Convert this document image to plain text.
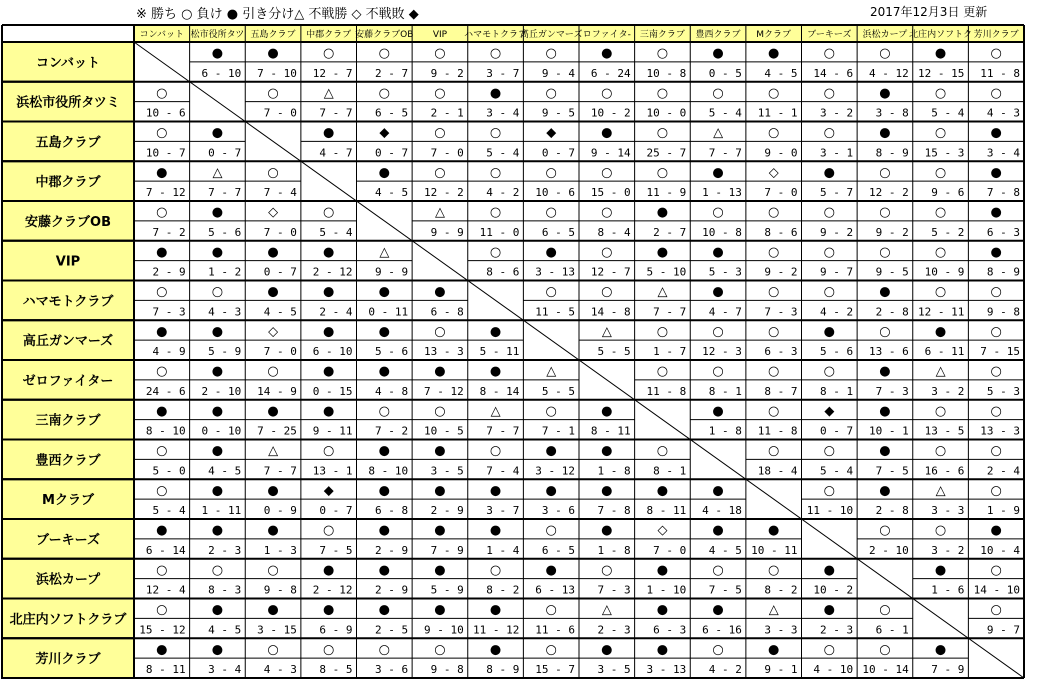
※ 勝ち ○ 負け ● 引き分け△ 不戦勝 ◇ 不戦敗 ◆	2017年12月3日 更新
コンバット 松市役所タツ 五島クラブ 中郡クラブ 安藤クラブOB VIP ハマモトクラブ
高丘ガンマーズ ロファイタ- 三南クラブ 豊西クラブ Mクラブ ブーキーズ 浜松カープ 北庄内ソフトク 芳川クラブ
コンバット
浜松市役所タツミ
五島クラブ
中郡クラブ
安藤クラブOB
VIP
ハマモトクラブ
高丘ガンマーズ
ゼロファイター
三南クラブ
豊西クラブ
Mクラブ
ブーキーズ
浜松カープ
北庄内ソフトクラブ
芳川クラブ
●
6 - 10
●
7 - 10
○
12 - 7
○
2 - 7
○
9 - 2
○
3 - 7
○
9 - 4
●
6 - 24
○
10 - 8
●
0 - 5
●
4 - 5
○
14 - 6
○
4 - 12
●
12 - 15
○
11 - 8
○
10 - 6
○
7 - 0
△
7 - 7
○
6 - 5
○
2 - 1
●
3 - 4
○
9 - 5
○
10 - 2
○
10 - 0
○
5 - 4
○
11 - 1
○
3 - 2
●
3 - 8
○
5 - 4
○
4 - 3
○
10 - 7
●
0 - 7
●
4 - 7
◆
0 - 7
○
7 - 0
○
5 - 4
◆
0 - 7
●
9 - 14
○
25 - 7
△
7 - 7
○
9 - 0
○
3 - 1
●
8 - 9
○
15 - 3
●
3 - 4
●
7 - 12
△
7 - 7
○
7 - 4
●
4 - 5
○
12 - 2
○
4 - 2
○
10 - 6
○
15 - 0
○
11 - 9
●
1 - 13
◇
7 - 0
●
5 - 7
○
12 - 2
○
9 - 6
●
7 - 8
○
7 - 2
●
5 - 6
◇
7 - 0
○
5 - 4
△
9 - 9
○
11 - 0
○
6 - 5
○
8 - 4
●
2 - 7
○
10 - 8
○
8 - 6
○
9 - 2
○
9 - 2
○
5 - 2
●
6 - 3
●
2 - 9
●
1 - 2
●
0 - 7
●
2 - 12
△
9 - 9
○
8 - 6
●
3 - 13
○
12 - 7
●
5 - 10
●
5 - 3
○
9 - 2
○
9 - 7
○
9 - 5
○
10 - 9
●
8 - 9
○
7 - 3
○
4 - 3
●
4 - 5
●
2 - 4
●
0 - 11
●
6 - 8
○
11 - 5
○
14 - 8
△
7 - 7
●
4 - 7
○
7 - 3
○
4 - 2
●
2 - 8
○
12 - 11
○
9 - 8
●
4 - 9
●
5 - 9
◇
7 - 0
●
6 - 10
●
5 - 6
○
13 - 3
●
5 - 11
△
5 - 5
○
1 - 7
○
12 - 3
○
6 - 3
●
5 - 6
○
13 - 6
●
6 - 11
○
7 - 15
○
24 - 6
●
2 - 10
○
14 - 9
●
0 - 15
●
4 - 8
●
7 - 12
●
8 - 14
△
5 - 5
○
11 - 8
○
8 - 1
○
8 - 7
○
8 - 1
●
7 - 3
△
3 - 2
○
5 - 3
●
8 - 10
●
0 - 10
●
7 - 25
●
9 - 11
○
7 - 2
○
10 - 5
△
7 - 7
○
7 - 1
●
8 - 11
●
1 - 8
○
11 - 8
◆
0 - 7
●
10 - 1
○
13 - 5
○
13 - 3
○
5 - 0
●
4 - 5
△
7 - 7
○
13 - 1
●
8 - 10
●
3 - 5
○
7 - 4
●
3 - 12
●
1 - 8
○
8 - 1
○
18 - 4
○
5 - 4
●
7 - 5
○
16 - 6
○
2 - 4
○
5 - 4
●
1 - 11
●
0 - 9
◆
0 - 7
●
6 - 8
●
2 - 9
●
3 - 7
●
3 - 6
●
7 - 8
●
8 - 11
●
4 - 18
○
11 - 10
●
2 - 8
△
3 - 3
○
1 - 9
●
6 - 14
●
2 - 3
●
1 - 3
○
7 - 5
●
2 - 9
●
7 - 9
●
1 - 4
○
6 - 5
●
1 - 8
◇
7 - 0
●
4 - 5
●
10 - 11
○
2 - 10
○
3 - 2
●
10 - 4
○
12 - 4
○
8 - 3
○
9 - 8
●
2 - 12
●
2 - 9
●
5 - 9
○
8 - 2
●
6 - 13
○
7 - 3
●
1 - 10
○
7 - 5
○
8 - 2
●
10 - 2
●
1 - 6
○
14 - 10
○
15 - 12
●
4 - 5
●
3 - 15
●
6 - 9
●
2 - 5
●
9 - 10
●
11 - 12
○
11 - 6
△
2 - 3
●
6 - 3
●
6 - 16
△
3 - 3
●
2 - 3
○
6 - 1
○
9 - 7
●
8 - 11
●
3 - 4
○
4 - 3
○
8 - 5
○
3 - 6
○
9 - 8
●
8 - 9
○
15 - 7
●
3 - 5
●
3 - 13
○
4 - 2
●
9 - 1
○
4 - 10
○
10 - 14
●
7 - 9
